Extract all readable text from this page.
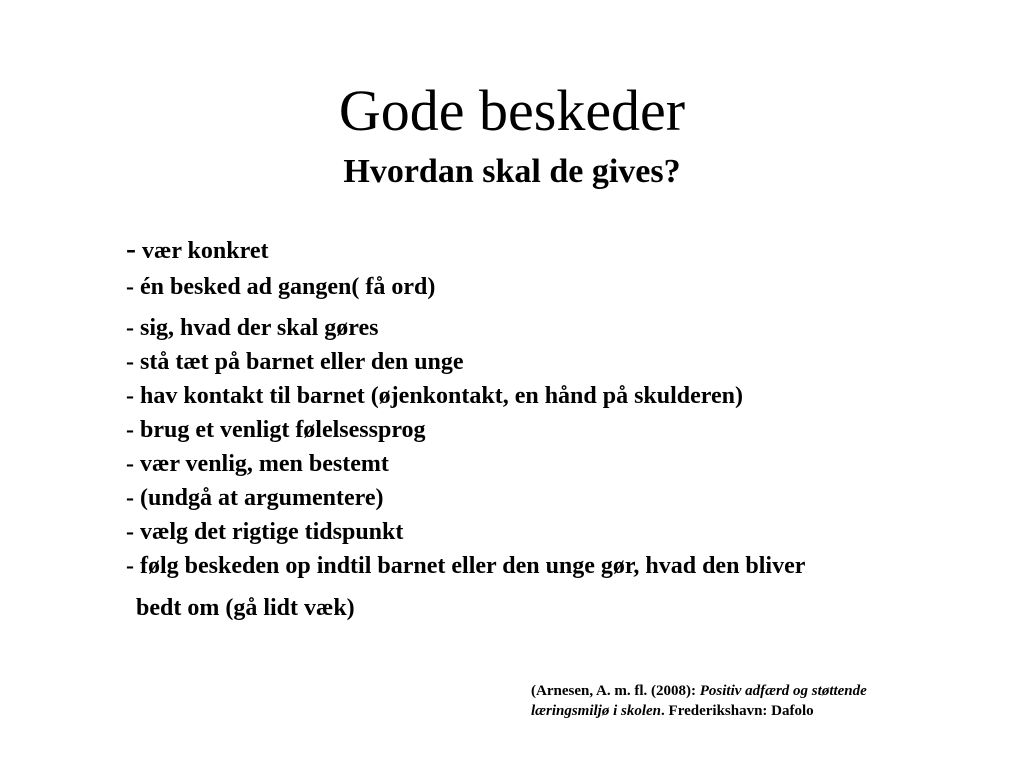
Gode beskeder
Hvordan skal de gives?
- vær konkret
- én besked ad gangen( få ord)
- sig, hvad der skal gøres
- stå tæt på barnet eller den unge
- hav kontakt til barnet (øjenkontakt, en hånd på skulderen)
- brug et venligt følelsessprog
- vær venlig, men bestemt
- (undgå at argumentere)
- vælg det rigtige tidspunkt
- følg beskeden op indtil barnet eller den unge gør, hvad den bliver
bedt om (gå lidt væk)
(Arnesen, A. m. fl. (2008): Positiv adfærd og støttende
læringsmiljø i skolen. Frederikshavn: Dafolo
